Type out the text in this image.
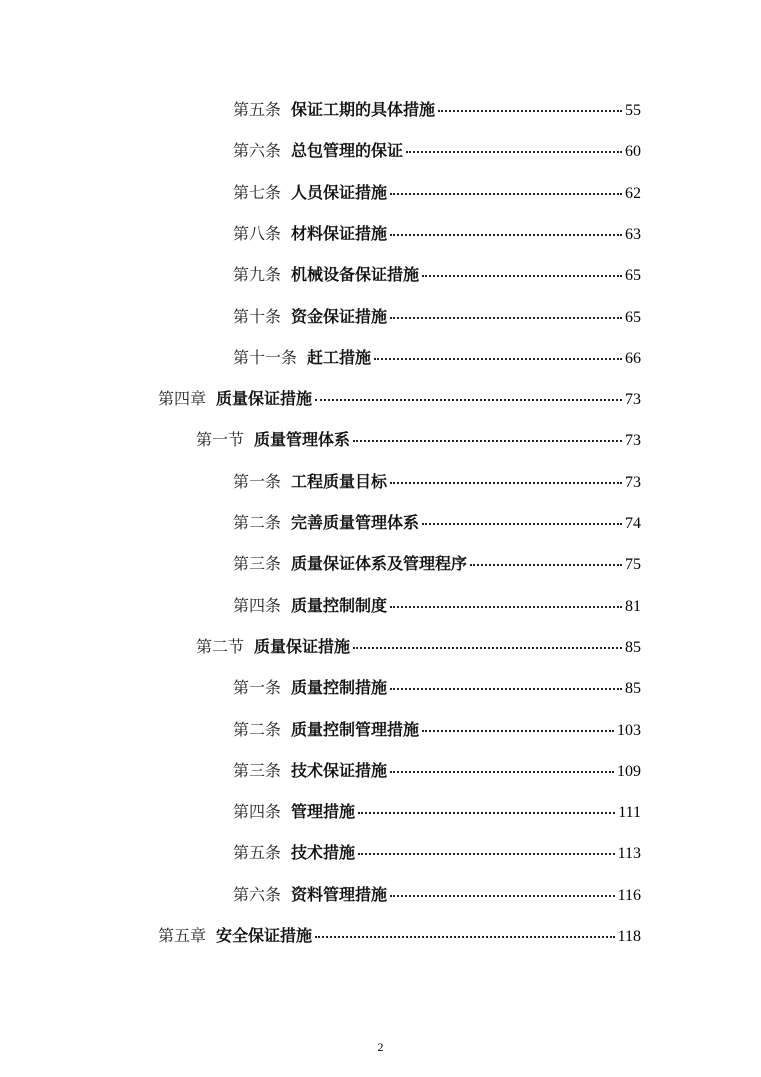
第五条 保证工期的具体措施	55
第六条 总包管理的保证	60
第七条 人员保证措施	62
第八条 材料保证措施	63
第九条 机械设备保证措施	65
第十条 资金保证措施	65
第十一条 赶工措施	66
第四章 质量保证措施	73
第一节 质量管理体系	73
第一条 工程质量目标	73
第二条 完善质量管理体系	74
第三条 质量保证体系及管理程序	75
第四条 质量控制制度	81
第二节 质量保证措施	85
第一条 质量控制措施	85
第二条 质量控制管理措施	103
第三条 技术保证措施	109
第四条 管理措施	111
第五条 技术措施	113
第六条 资料管理措施	116
第五章 安全保证措施	118
2
